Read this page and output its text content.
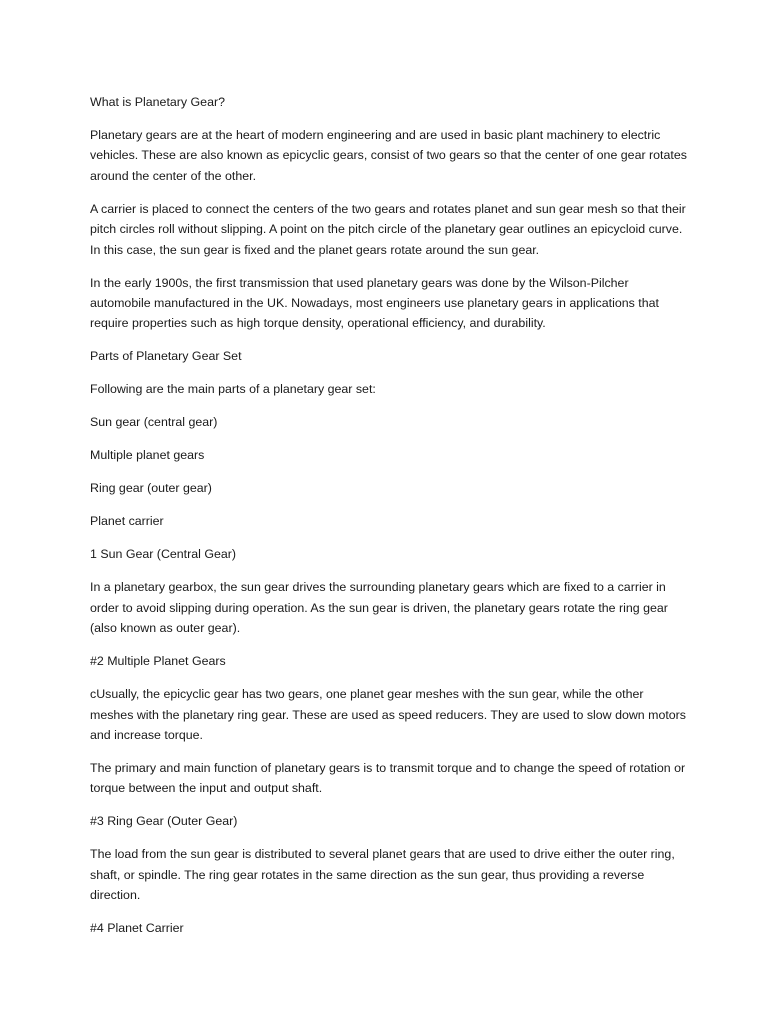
What is Planetary Gear?

Planetary gears are at the heart of modern engineering and are used in basic plant machinery to electric vehicles. These are also known as epicyclic gears, consist of two gears so that the center of one gear rotates around the center of the other.

A carrier is placed to connect the centers of the two gears and rotates planet and sun gear mesh so that their pitch circles roll without slipping. A point on the pitch circle of the planetary gear outlines an epicycloid curve. In this case, the sun gear is fixed and the planet gears rotate around the sun gear.

In the early 1900s, the first transmission that used planetary gears was done by the Wilson-Pilcher automobile manufactured in the UK. Nowadays, most engineers use planetary gears in applications that require properties such as high torque density, operational efficiency, and durability.

Parts of Planetary Gear Set

Following are the main parts of a planetary gear set:

Sun gear (central gear)

Multiple planet gears

Ring gear (outer gear)

Planet carrier

1 Sun Gear (Central Gear)

In a planetary gearbox, the sun gear drives the surrounding planetary gears which are fixed to a carrier in order to avoid slipping during operation. As the sun gear is driven, the planetary gears rotate the ring gear (also known as outer gear).

#2 Multiple Planet Gears

cUsually, the epicyclic gear has two gears, one planet gear meshes with the sun gear, while the other meshes with the planetary ring gear. These are used as speed reducers. They are used to slow down motors and increase torque.

The primary and main function of planetary gears is to transmit torque and to change the speed of rotation or torque between the input and output shaft.

#3 Ring Gear (Outer Gear)

The load from the sun gear is distributed to several planet gears that are used to drive either the outer ring, shaft, or spindle. The ring gear rotates in the same direction as the sun gear, thus providing a reverse direction.

#4 Planet Carrier
